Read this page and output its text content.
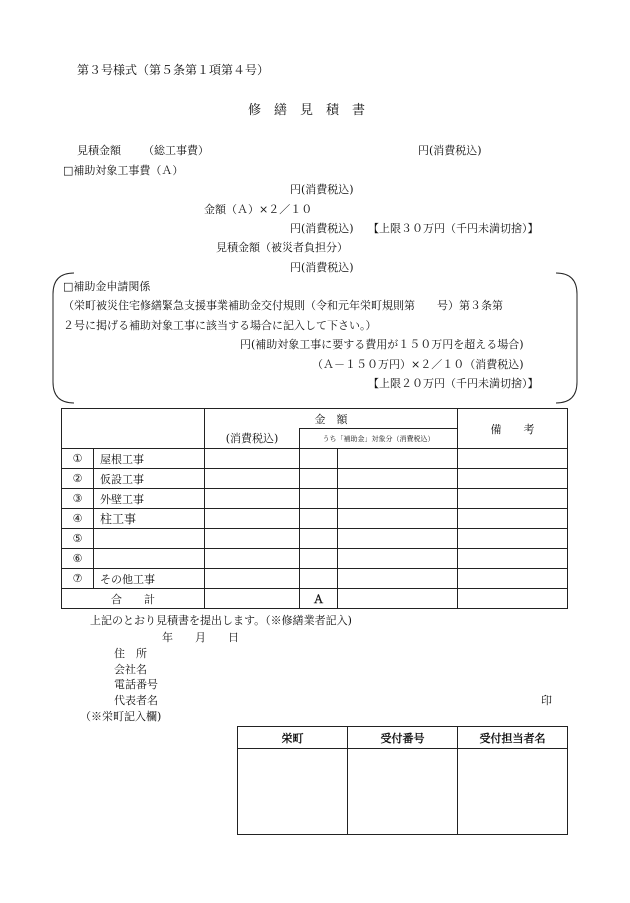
第３号様式（第５条第１項第４号）
修　繕　見　積　書
見積金額 （総工事費）	円(消費税込)
□補助対象工事費（Ａ）
円(消費税込)
金額（Ａ）×２／１０
円(消費税込) 【上限３０万円（千円未満切捨）】
見積金額（被災者負担分）
円(消費税込)
□補助金申請関係
（栄町被災住宅修繕緊急支援事業補助金交付規則（令和元年栄町規則第　　号）第３条第
２号に掲げる補助対象工事に該当する場合に記入して下さい。）
円(補助対象工事に要する費用が１５０万円を超える場合)
（Ａ－１５０万円）×２／１０（消費税込)
【上限２０万円（千円未満切捨）】
		金　額			備　　考
		(消費税込)	うち「補助金」対象分（消費税込）		
①	屋根工事				
②	仮設工事				
③	外壁工事				
④	柱工事				
⑤					
⑥					
⑦	その他工事				
合　　計			Ａ		
上記のとおり見積書を提出します。（※修繕業者記入)
年　　月　　日
住　所
会社名
電話番号
代表者名	印
（※栄町記入欄)
栄町	受付番号	受付担当者名
